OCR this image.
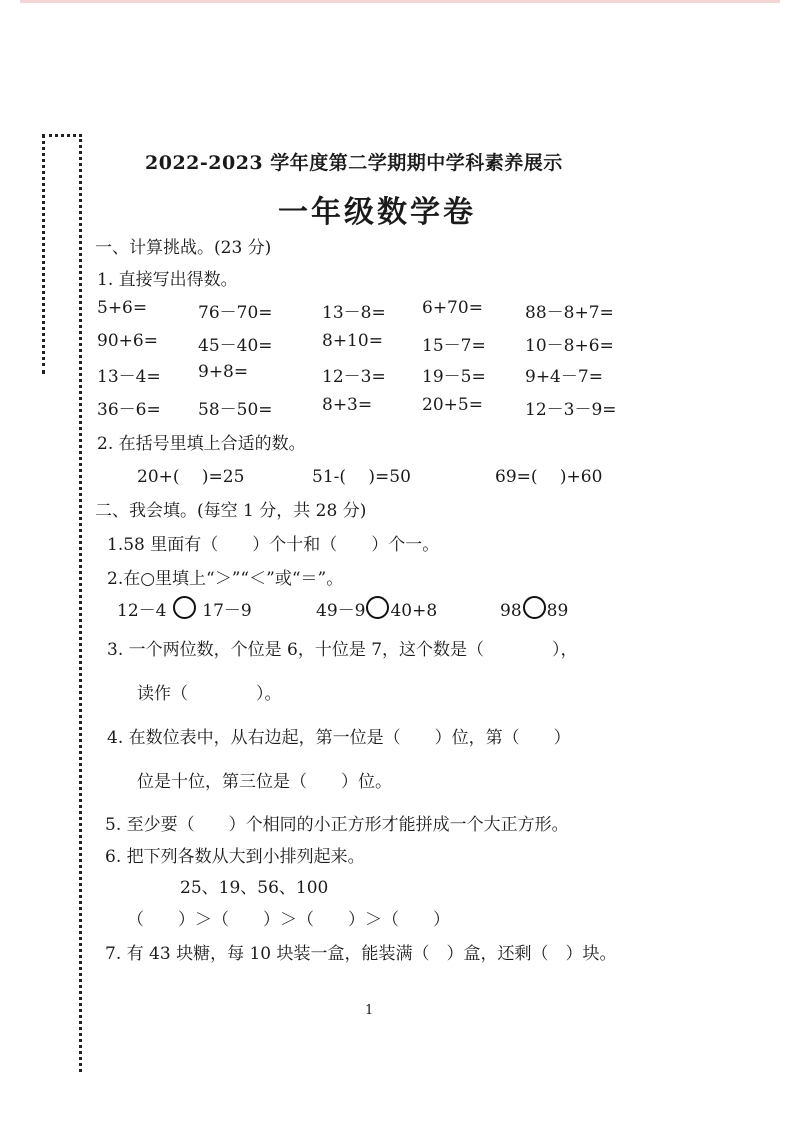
2022-2023 学年度第二学期期中学科素养展示
一年级数学卷
一、计算挑战。(23 分)
1. 直接写出得数。
5+6=	76－70=	13－8= 6+70= 88－8+7=
90+6= 45－40=	8+10= 15－7= 10－8+6=
13－4= 9+8=	12－3= 19－5= 9+4－7=
36－6= 58－50=	8+3=	20+5= 12－3－9=
2. 在括号里填上合适的数。
20+(　 )=25	51-(　 )=50	69=(　 )+60
二、我会填。(每空 1 分，共 28 分)
1.58 里面有（　　）个十和（　　）个一。
2.在○里填上“＞”“＜”或“＝”。
12－4 17－9	49－9 40+8	98 89
3. 一个两位数，个位是 6，十位是 7，这个数是（　　　　），
读作（　　　　）。
4. 在数位表中，从右边起，第一位是（　　）位，第（　　）
位是十位，第三位是（　　）位。
5. 至少要（　　）个相同的小正方形才能拼成一个大正方形。
6. 把下列各数从大到小排列起来。
25、19、56、100
（　　）＞（　　）＞（　　）＞（　　）
7. 有 43 块糖，每 10 块装一盒，能装满（　）盒，还剩（　）块。
1
